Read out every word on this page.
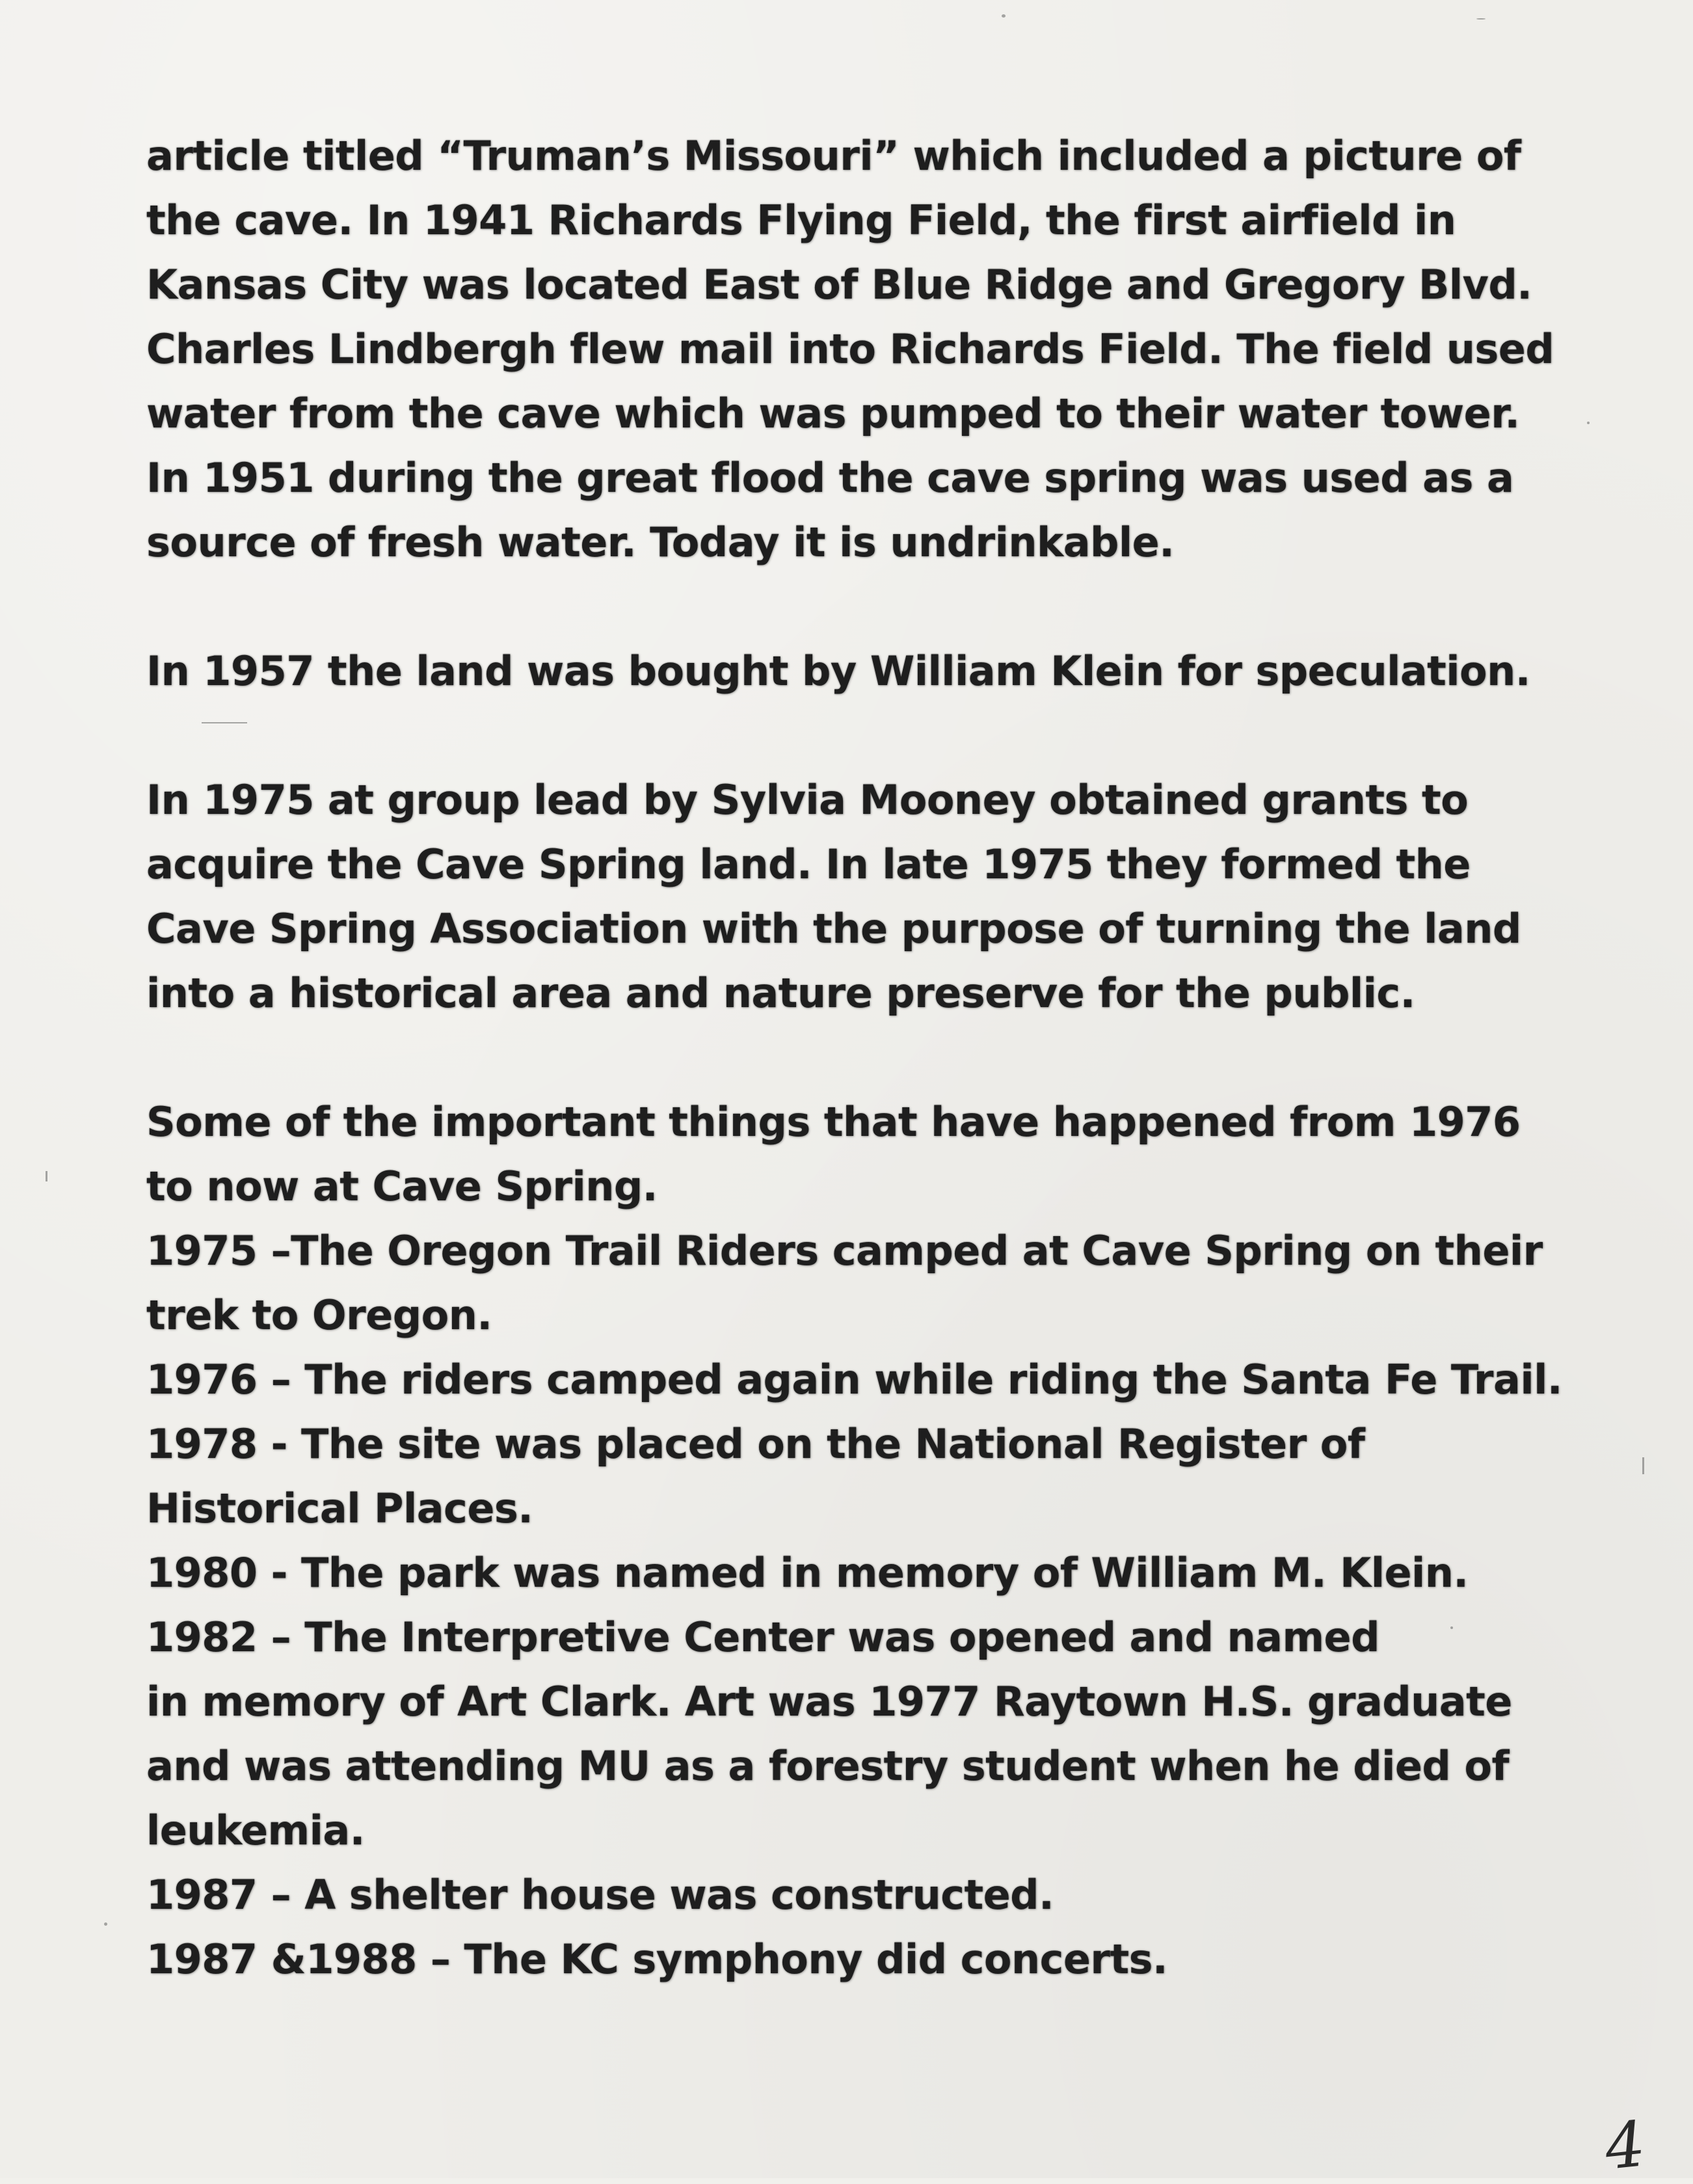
article titled “Truman’s Missouri” which included a picture of
the cave. In 1941 Richards Flying Field, the first airfield in
Kansas City was located East of Blue Ridge and Gregory Blvd.
Charles Lindbergh flew mail into Richards Field. The field used
water from the cave which was pumped to their water tower.
In 1951 during the great flood the cave spring was used as a
source of fresh water. Today it is undrinkable.
In 1957 the land was bought by William Klein for speculation.
In 1975 at group lead by Sylvia Mooney obtained grants to
acquire the Cave Spring land. In late 1975 they formed the
Cave Spring Association with the purpose of turning the land
into a historical area and nature preserve for the public.
Some of the important things that have happened from 1976
to now at Cave Spring.
1975 –The Oregon Trail Riders camped at Cave Spring on their
trek to Oregon.
1976 – The riders camped again while riding the Santa Fe Trail.
1978 - The site was placed on the National Register of
Historical Places.
1980 - The park was named in memory of William M. Klein.
1982 – The Interpretive Center was opened and named
in memory of Art Clark. Art was 1977 Raytown H.S. graduate
and was attending MU as a forestry student when he died of
leukemia.
1987 – A shelter house was constructed.
1987 &1988 – The KC symphony did concerts.
4
